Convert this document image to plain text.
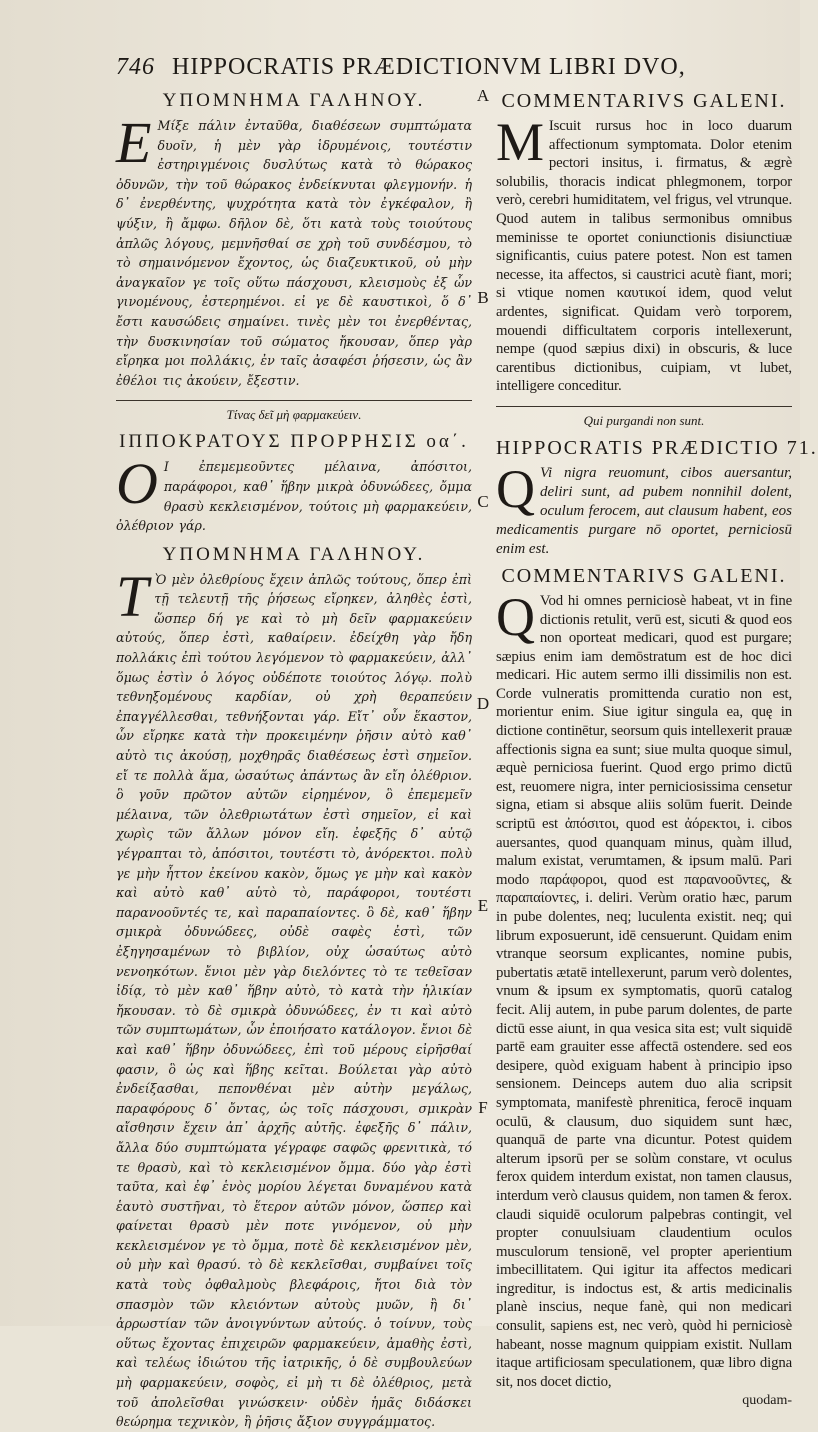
746 HIPPOCRATIS PRÆDICTIONVM LIBRI DVO,
A
B
C
D
E
F
ΥΠΟΜΝΗΜΑ ΓΑΛΗΝΟΥ.
E Μίξε πάλιν ἐνταῦθα, διαθέσεων συμπτώματα δυοῖν, ἡ μὲν γὰρ ἱδρυμένοις, τουτέστιν ἐστηριγμένοις δυσλύτως κατὰ τὸ θώρακος ὀδυνῶν, τὴν τοῦ θώρακος ἐνδείκνυται φλεγμονήν. ἡ δ᾽ ἐνερθέντης, ψυχρότητα κατὰ τὸν ἐγκέφαλον, ἢ ψύξιν, ἢ ἄμφω. δῆλον δὲ, ὅτι κατὰ τοὺς τοιούτους ἀπλῶς λόγους, μεμνῆσθαί σε χρὴ τοῦ συνδέσμου, τὸ τὸ σημαινόμενον ἔχοντος, ὡς διαζευκτικοῦ, οὐ μὴν ἀναγκαῖον γε τοῖς οὕτω πάσχουσι, κλεισμοὺς ἐξ ὧν γινομένους, ἐστερημένοι. εἰ γε δὲ καυστικοὶ, ὅ δ᾽ ἔστι καυσώδεις σημαίνει. τινὲς μὲν τοι ἐνερθέντας, τὴν δυσκινησίαν τοῦ σώματος ἤκουσαν, ὅπερ γὰρ εἴρηκα μοι πολλάκις, ἐν ταῖς ἀσαφέσι ῥήσεσιν, ὡς ἂν ἐθέλοι τις ἀκούειν, ἔξεστιν.
Τίνας δεῖ μὴ φαρμακεύειν.
ΙΠΠΟΚΡΑΤΟΥΣ ΠΡΟΡΡΗΣΙΣ οα΄.
O Ι ἐπεμεμεοῦντες μέλαινα, ἀπόσιτοι, παράφοροι, καθ᾽ ἥβην μικρὰ ὀδυνώδεες, ὄμμα θρασὺ κεκλεισμένον, τούτοις μὴ φαρμακεύειν, ὀλέθριον γάρ.
ΥΠΟΜΝΗΜΑ ΓΑΛΗΝΟΥ.
T Ὸ μὲν ὀλεθρίους ἔχειν ἀπλῶς τούτους, ὅπερ ἐπὶ τῇ τελευτῇ τῆς ῥήσεως εἴρηκεν, ἀληθὲς ἐστὶ, ὥσπερ δή γε καὶ τὸ μὴ δεῖν φαρμακεύειν αὐτούς, ὅπερ ἐστὶ, καθαίρειν. ἐδείχθη γὰρ ἤδη πολλάκις ἐπὶ τούτου λεγόμενον τὸ φαρμακεύειν, ἀλλ᾽ ὅμως ἐστὶν ὁ λόγος οὐδέποτε τοιούτος λόγῳ. πολὺ τεθνηξομένους καρδίαν, οὐ χρὴ θεραπεύειν ἐπαγγέλλεσθαι, τεθνήξονται γάρ. Εἴτ᾽ οὖν ἕκαστον, ὧν εἴρηκε κατὰ τὴν προκειμένην ῥῆσιν αὐτὸ καθ᾽ αὑτὸ τις ἀκούσῃ, μοχθηρᾶς διαθέσεως ἐστὶ σημεῖον. εἴ τε πολλὰ ἅμα, ὡσαύτως ἀπάντως ἂν εἴη ὀλέθριον. ὃ γοῦν πρῶτον αὐτῶν εἰρημένον, ὃ ἐπεμεμεῖν μέλαινα, τῶν ὀλεθριωτάτων ἐστὶ σημεῖον, εἰ καὶ χωρὶς τῶν ἄλλων μόνον εἴη. ἐφεξῆς δ᾽ αὐτῷ γέγραπται τὸ, ἀπόσιτοι, τουτέστι τὸ, ἀνόρεκτοι. πολὺ γε μὴν ἧττον ἐκείνου κακὸν, ὅμως γε μὴν καὶ κακὸν καὶ αὐτὸ καθ᾽ αὑτὸ τὸ, παράφοροι, τουτέστι παρανοοῦντές τε, καὶ παραπαίοντες. ὃ δὲ, καθ᾽ ἥβην σμικρὰ ὀδυνώδεες, οὐδὲ σαφὲς ἐστὶ, τῶν ἐξηγησαμένων τὸ βιβλίον, οὐχ ὡσαύτως αὐτὸ νενοηκότων. ἔνιοι μὲν γὰρ διελόντες τὸ τε τεθεῖσαν ἰδίᾳ, τὸ μὲν καθ᾽ ἥβην αὐτὸ, τὸ κατὰ τὴν ἡλικίαν ἤκουσαν. τὸ δὲ σμικρὰ ὀδυνώδεες, ἐν τι καὶ αὐτὸ τῶν συμπτωμάτων, ὧν ἐποιήσατο κατάλογον. ἔνιοι δὲ καὶ καθ᾽ ἥβην ὀδυνώδεες, ἐπὶ τοῦ μέρους εἰρῆσθαί φασιν, ὃ ὡς καὶ ἥβης κεῖται. Βούλεται γὰρ αὐτὸ ἐνδείξασθαι, πεπονθέναι μὲν αὐτὴν μεγάλως, παραφόρους δ᾽ ὄντας, ὡς τοῖς πάσχουσι, σμικρὰν αἴσθησιν ἔχειν ἀπ᾽ ἀρχῆς αὐτῆς. ἐφεξῆς δ᾽ πάλιν, ἄλλα δύο συμπτώματα γέγραφε σαφῶς φρενιτικὰ, τό τε θρασὺ, καὶ τὸ κεκλεισμένον ὄμμα. δύο γὰρ ἐστὶ ταῦτα, καὶ ἐφ᾽ ἑνὸς μορίου λέγεται δυναμένου κατὰ ἑαυτὸ συστῆναι, τὸ ἕτερον αὐτῶν μόνον, ὥσπερ καὶ φαίνεται θρασὺ μὲν ποτε γινόμενον, οὐ μὴν κεκλεισμένον γε τὸ ὄμμα, ποτὲ δὲ κεκλεισμένον μὲν, οὐ μὴν καὶ θρασύ. τὸ δὲ κεκλεῖσθαι, συμβαίνει τοῖς κατὰ τοὺς ὀφθαλμοὺς βλεφάροις, ἤτοι διὰ τὸν σπασμὸν τῶν κλειόντων αὐτοὺς μυῶν, ἢ δι᾽ ἀρρωστίαν τῶν ἀνοιγνύντων αὐτούς. ὁ τοίνυν, τοὺς οὕτως ἔχοντας ἐπιχειρῶν φαρμακεύειν, ἀμαθὴς ἐστὶ, καὶ τελέως ἰδιώτου τῆς ἰατρικῆς, ὁ δὲ συμβουλεύων μὴ φαρμακεύειν, σοφὸς, εἰ μὴ τι δὲ ὀλέθριος, μετὰ τοῦ ἀπολεῖσθαι γινώσκειν· οὐδὲν ἡμᾶς διδάσκει θεώρημα τεχνικὸν, ἢ ῥῆσις ἄξιον συγγράμματος.
COMMENTARIVS GALENI.
M Iscuit rursus hoc in loco duarum affectionum symptomata. Dolor etenim pectori insitus, i. firmatus, & ægrè solubilis, thoracis indicat phlegmonem, torpor verò, cerebri humiditatem, vel frigus, vel vtrunque. Quod autem in talibus sermonibus omnibus meminisse te oportet coniunctionis disiunctiuæ significantis, cuius patere potest. Non est tamen necesse, ita affectos, si caustrici acutè fiant, mori; si vtique nomen καυτικοί idem, quod velut ardentes, significat. Quidam verò torporem, mouendi difficultatem corporis intellexerunt, nempe (quod sæpius dixi) in obscuris, & luce carentibus dictionibus, cuipiam, vt lubet, intelligere conceditur.
Qui purgandi non sunt.
HIPPOCRATIS PRÆDICTIO 71.
Q Vi nigra reuomunt, cibos auersantur, deliri sunt, ad pubem nonnihil dolent, oculum ferocem, aut clausum habent, eos medicamentis purgare nō oportet, perniciosū enim est.
COMMENTARIVS GALENI.
Q Vod hi omnes perniciosè habeat, vt in fine dictionis retulit, verū est, sicuti & quod eos non oporteat medicari, quod est purgare; sæpius enim iam demōstratum est de hoc dici medicari. Hic autem sermo illi dissimilis non est. Corde vulneratis promittenda curatio non est, morientur enim. Siue igitur singula ea, quę in dictione continētur, seorsum quis intellexerit prauæ affectionis signa ea sunt; siue multa quoque simul, æquè perniciosa fuerint. Quod ergo primo dictū est, reuomere nigra, inter perniciosissima censetur signa, etiam si absque aliis solūm fuerit. Deinde scriptū est ἀπόσιτοι, quod est ἀόρεκτοι, i. cibos auersantes, quod quanquam minus, quàm illud, malum existat, verumtamen, & ipsum malū. Pari modo παράφοροι, quod est παρανοοῦντες, & παραπαίοντες, i. deliri. Verùm oratio hæc, parum in pube dolentes, neq; luculenta existit. neq; qui librum exposuerunt, idē censuerunt. Quidam enim vtranque seorsum explicantes, nomine pubis, pubertatis ætatē intellexerunt, parum verò dolentes, vnum & ipsum ex symptomatis, quorū catalog fecit. Alij autem, in pube parum dolentes, de parte dictū esse aiunt, in qua vesica sita est; vult siquidē partē eam grauiter esse affectā ostendere. sed eos desipere, quòd exiguam habent à principio ipso sensionem. Deinceps autem duo alia scripsit symptomata, manifestè phrenitica, ferocē inquam oculū, & clausum, duo siquidem sunt hæc, quanquā de parte vna dicuntur. Potest quidem alterum ipsorū per se solùm constare, vt oculus ferox quidem interdum existat, non tamen clausus, interdum verò clausus quidem, non tamen & ferox. claudi siquidē oculorum palpebras contingit, vel propter conuulsiuam claudentium oculos musculorum tensionē, vel propter aperientium imbecillitatem. Qui igitur ita affectos medicari ingreditur, is indoctus est, & artis medicinalis planè inscius, neque fanè, qui non medicari consulit, sapiens est, nec verò, quòd hi perniciosè habeant, nosse magnum quippiam existit. Nullam itaque artificiosam speculationem, quæ libro digna sit, nos docet dictio,
quodam-
